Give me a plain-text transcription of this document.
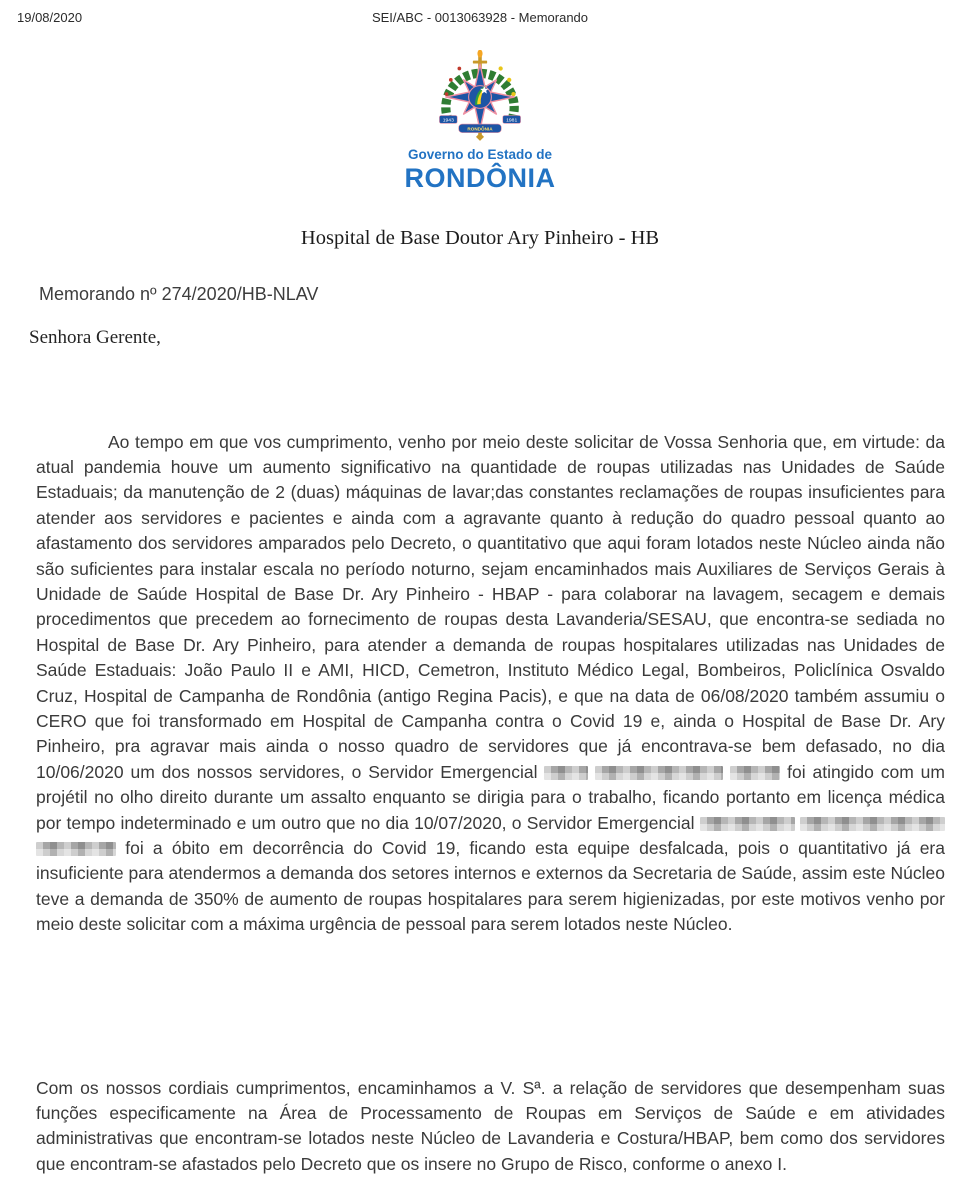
19/08/2020	SEI/ABC - 0013063928 - Memorando
1943	1981
RONDÔNIA
Governo do Estado de
RONDÔNIA
Hospital de Base Doutor Ary Pinheiro - HB
Memorando nº 274/2020/HB-NLAV
Senhora Gerente,

Ao tempo em que vos cumprimento, venho por meio deste solicitar de Vossa Senhoria que, em virtude: da atual pandemia houve um aumento significativo na quantidade de roupas utilizadas nas Unidades de Saúde Estaduais; da manutenção de 2 (duas) máquinas de lavar;das constantes reclamações de roupas insuficientes para atender aos servidores e pacientes e ainda com a agravante quanto à redução do quadro pessoal quanto ao afastamento dos servidores amparados pelo Decreto, o quantitativo que aqui foram lotados neste Núcleo ainda não são suficientes para instalar escala no período noturno, sejam encaminhados mais Auxiliares de Serviços Gerais à Unidade de Saúde Hospital de Base Dr. Ary Pinheiro - HBAP - para colaborar na lavagem, secagem e demais procedimentos que precedem ao fornecimento de roupas desta Lavanderia/SESAU, que encontra-se sediada no Hospital de Base Dr. Ary Pinheiro, para atender a demanda de roupas hospitalares utilizadas nas Unidades de Saúde Estaduais: João Paulo II e AMI, HICD, Cemetron, Instituto Médico Legal, Bombeiros, Policlínica Osvaldo Cruz, Hospital de Campanha de Rondônia (antigo Regina Pacis), e que na data de 06/08/2020 também assumiu o CERO que foi transformado em Hospital de Campanha contra o Covid 19 e, ainda o Hospital de Base Dr. Ary Pinheiro, pra agravar mais ainda o nosso quadro de servidores que já encontrava-se bem defasado, no dia 10/06/2020 um dos nossos servidores, o Servidor Emergencial	foi atingido com um projétil no olho direito durante um assalto enquanto se dirigia para o trabalho, ficando portanto em licença médica por tempo indeterminado e um outro que no dia 10/07/2020, o Servidor Emergencial    foi a óbito em decorrência do Covid 19, ficando esta equipe desfalcada, pois o quantitativo já era insuficiente para atendermos a demanda dos setores internos e externos da Secretaria de Saúde, assim este Núcleo teve a demanda de 350% de aumento de roupas hospitalares para serem higienizadas, por este motivos venho por meio deste solicitar com a máxima urgência de pessoal para serem lotados neste Núcleo.

Com os nossos cordiais cumprimentos, encaminhamos a V. Sª. a relação de servidores que desempenham suas funções especificamente na Área de Processamento de Roupas em Serviços de Saúde e em atividades administrativas que encontram-se lotados neste Núcleo de Lavanderia e Costura/HBAP, bem como dos servidores que encontram-se afastados pelo Decreto que os insere no Grupo de Risco, conforme o anexo I.
